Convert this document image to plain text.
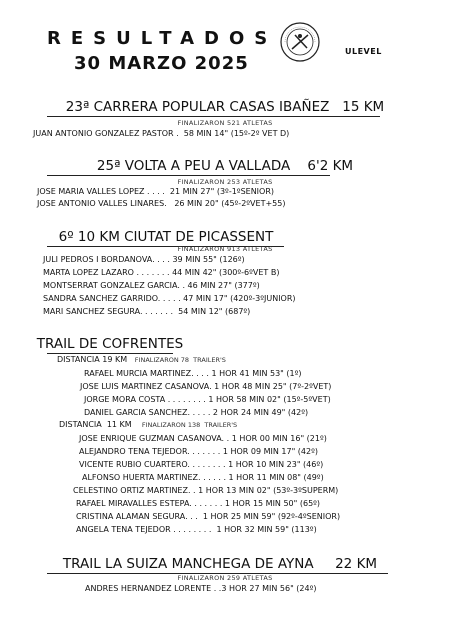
RESULTADOS
30 MARZO 2025
ULEVEL
23ª CARRERA POPULAR CASAS IBAÑEZ   15 KM
FINALIZARON 521 ATLETAS
JUAN ANTONIO GONZALEZ PASTOR .  58 MIN 14" (15º-2º VET D)
25ª VOLTA A PEU A VALLADA    6'2 KM
FINALIZARON 253 ATLETAS
JOSE MARIA VALLES LOPEZ . . . .  21 MIN 27" (3º-1ºSENIOR)
JOSE ANTONIO VALLES LINARES.   26 MIN 20" (45º-2ºVET+55)
6º 10 KM CIUTAT DE PICASSENT
FINALIZARON 913 ATLETAS
JULI PEDROS I BORDANOVA. . . . 39 MIN 55" (126º)
MARTA LOPEZ LAZARO . . . . . . . 44 MIN 42" (300º-6ºVET B)
MONTSERRAT GONZALEZ GARCIA. . 46 MIN 27" (377º)
SANDRA SANCHEZ GARRIDO. . . . . 47 MIN 17" (420º-3ºJUNIOR)
MARI SANCHEZ SEGURA. . . . . . .  54 MIN 12" (687º)
TRAIL DE COFRENTES
DISTANCIA 19 KM FINALIZARON 78  TRAILER'S
RAFAEL MURCIA MARTINEZ. . . . 1 HOR 41 MIN 53" (1º)
JOSE LUIS MARTINEZ CASANOVA. 1 HOR 48 MIN 25" (7º-2ºVET)
JORGE MORA COSTA . . . . . . . . 1 HOR 58 MIN 02" (15º-5ºVET)
DANIEL GARCIA SANCHEZ. . . . . 2 HOR 24 MIN 49" (42º)
DISTANCIA  11 KM FINALIZARON 138  TRAILER'S
JOSE ENRIQUE GUZMAN CASANOVA. . 1 HOR 00 MIN 16" (21º)
ALEJANDRO TENA TEJEDOR. . . . . . . 1 HOR 09 MIN 17" (42º)
VICENTE RUBIO CUARTERO. . . . . . . . 1 HOR 10 MIN 23" (46º)
ALFONSO HUERTA MARTINEZ. . . . . . 1 HOR 11 MIN 08" (49º)
CELESTINO ORTIZ MARTINEZ. . 1 HOR 13 MIN 02" (53º-3ºSUPERM)
RAFAEL MIRAVALLES ESTEPA. . . . . . . 1 HOR 15 MIN 50" (65º)
CRISTINA ALAMAN SEGURA. . .  1 HOR 25 MIN 59" (92º-4ºSENIOR)
ANGELA TENA TEJEDOR . . . . . . . .  1 HOR 32 MIN 59" (113º)
TRAIL LA SUIZA MANCHEGA DE AYNA     22 KM
FINALIZARON 259 ATLETAS
ANDRES HERNANDEZ LORENTE . .3 HOR 27 MIN 56" (24º)
